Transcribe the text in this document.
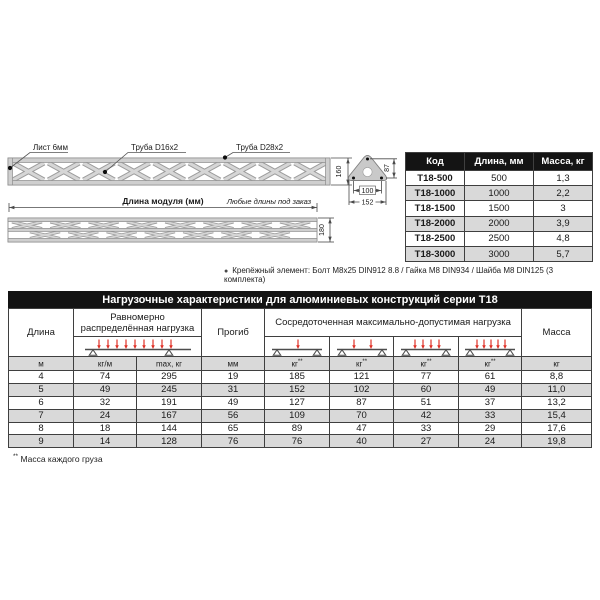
Лист 6мм	Труба D16x2	Труба D28x2
160	87
100
152
Длина модуля (мм)	Любые длины под заказ
180
Код	Длина, мм	Масса, кг
T18-500	500	1,3
T18-1000	1000	2,2
T18-1500	1500	3
T18-2000	2000	3,9
T18-2500	2500	4,8
T18-3000	3000	5,7
● Крепёжный элемент: Болт M8x25 DIN912 8.8 / Гайка M8 DIN934 / Шайба M8 DIN125 (3 комплекта)
Нагрузочные характеристики для алюминиевых конструкций серии Т18
Длина	Равномерно распределённая нагрузка		Прогиб	Сосредоточенная максимально-допустимая нагрузка				Масса

м	кг/м	max, кг	мм	кг**	кг**	кг**	кг**	кг
4	74	295	19	185	121	77	61	8,8
5	49	245	31	152	102	60	49	11,0
6	32	191	49	127	87	51	37	13,2
7	24	167	56	109	70	42	33	15,4
8	18	144	65	89	47	33	29	17,6
9	14	128	76	76	40	27	24	19,8
** Масса каждого груза
